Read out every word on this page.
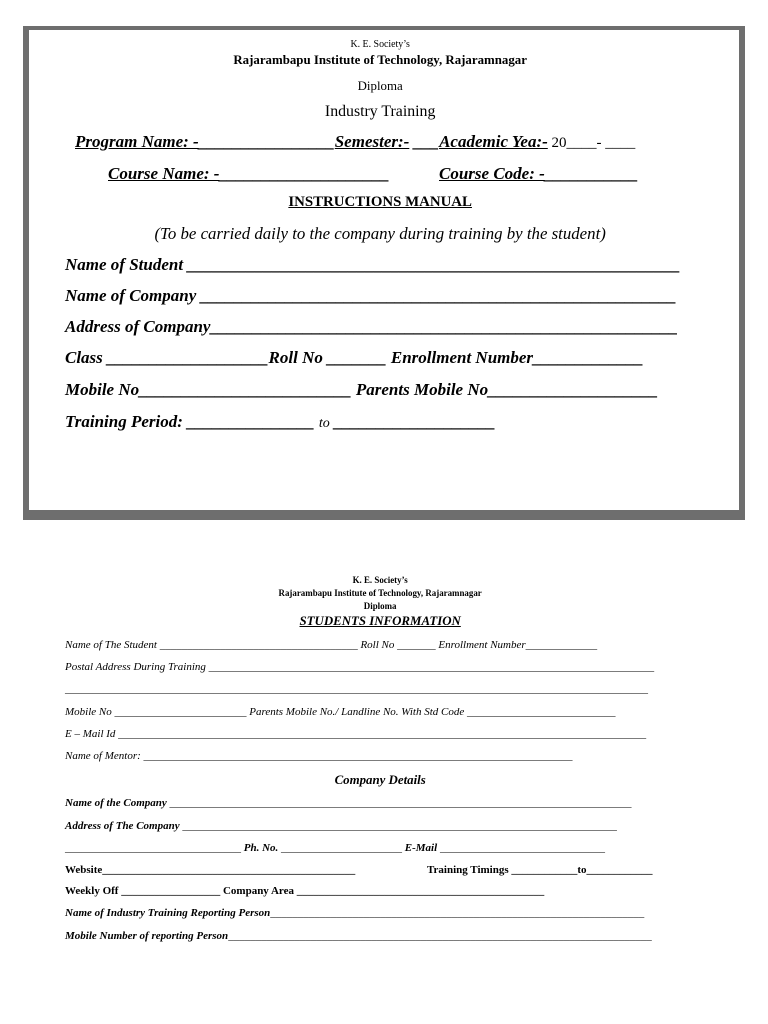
K. E. Society’s
Rajarambapu Institute of Technology, Rajaramnagar
Diploma
Industry Training
Program Name: -________________Semester:- ___Academic Yea:- 20____- ____
Course Name: -____________________	Course Code: -___________
INSTRUCTIONS MANUAL
(To be carried daily to the company during training by the student)
Name of Student __________________________________________________________
Name of Company ________________________________________________________
Address of Company_______________________________________________________
Class ___________________Roll No _______ Enrollment Number_____________
Mobile No_________________________ Parents Mobile No____________________
Training Period: _______________ to ___________________
K. E. Society’s
Rajarambapu Institute of Technology, Rajaramnagar
Diploma
STUDENTS INFORMATION
Name of The Student ____________________________________ Roll No _______ Enrollment Number_____________
Postal Address During Training _________________________________________________________________________________
__________________________________________________________________________________________________________
Mobile No ________________________ Parents Mobile No./ Landline No. With Std Code ___________________________
E – Mail Id ________________________________________________________________________________________________
Name of Mentor: ______________________________________________________________________________
Company Details
Name of the Company ____________________________________________________________________________________
Address of The Company _______________________________________________________________________________
________________________________ Ph. No. ______________________ E-Mail ______________________________
Website______________________________________________	Training Timings ____________to____________
Weekly Off __________________ Company Area _____________________________________________
Name of Industry Training Reporting Person____________________________________________________________________
Mobile Number of reporting Person_____________________________________________________________________________
